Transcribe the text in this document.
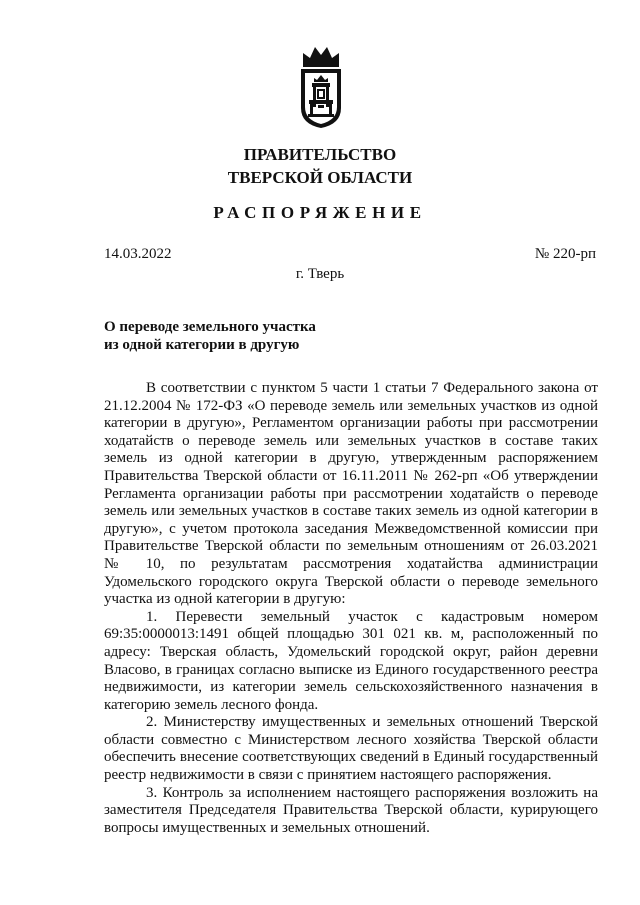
ПРАВИТЕЛЬСТВО
ТВЕРСКОЙ ОБЛАСТИ
РАСПОРЯЖЕНИЕ
14.03.2022	№ 220-рп
г. Тверь
О переводе земельного участка
из одной категории в другую

В соответствии с пунктом 5 части 1 статьи 7 Федерального закона от 21.12.2004 № 172-ФЗ «О переводе земель или земельных участков из одной категории в другую», Регламентом организации работы при рассмотрении ходатайств о переводе земель или земельных участков в составе таких земель из одной категории в другую, утвержденным распоряжением Правительства Тверской области от 16.11.2011 № 262-рп «Об утверждении Регламента организации работы при рассмотрении ходатайств о переводе земель или земельных участков в составе таких земель из одной категории в другую», с учетом протокола заседания Межведомственной комиссии при Правительстве Тверской области по земельным отношениям от 26.03.2021 № 10, по результатам рассмотрения ходатайства администрации Удомельского городского округа Тверской области о переводе земельного участка из одной категории в другую:

1. Перевести земельный участок с кадастровым номером 69:35:0000013:1491 общей площадью 301 021 кв. м, расположенный по адресу: Тверская область, Удомельский городской округ, район деревни Власово, в границах согласно выписке из Единого государственного реестра недвижимости, из категории земель сельскохозяйственного назначения в категорию земель лесного фонда.

2. Министерству имущественных и земельных отношений Тверской области совместно с Министерством лесного хозяйства Тверской области обеспечить внесение соответствующих сведений в Единый государственный реестр недвижимости в связи с принятием настоящего распоряжения.

3. Контроль за исполнением настоящего распоряжения возложить на заместителя Председателя Правительства Тверской области, курирующего вопросы имущественных и земельных отношений.
